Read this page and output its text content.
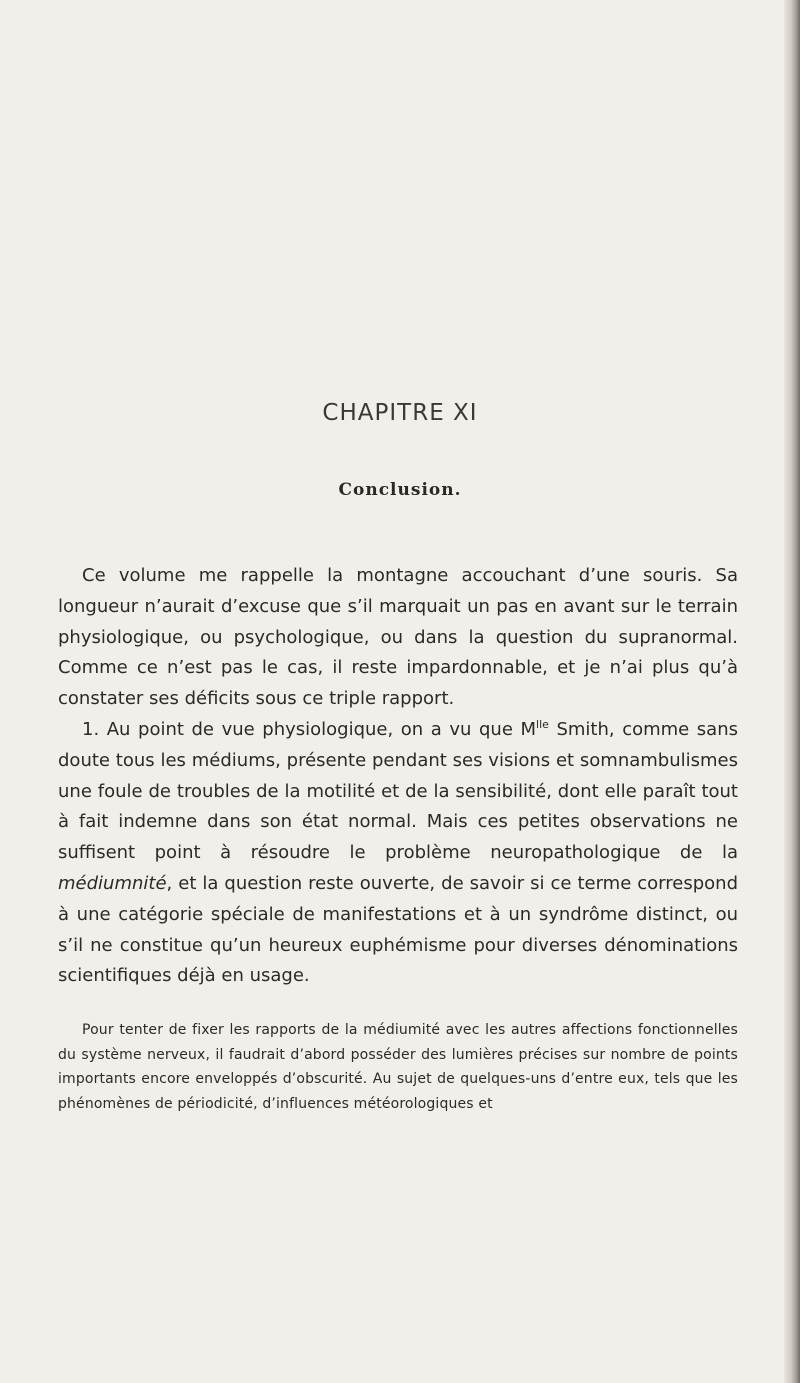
CHAPITRE XI
Conclusion.

Ce volume me rappelle la montagne accouchant d’une souris. Sa longueur n’aurait d’excuse que s’il marquait un pas en avant sur le terrain physiologique, ou psychologique, ou dans la question du supranormal. Comme ce n’est pas le cas, il reste impardonnable, et je n’ai plus qu’à constater ses déficits sous ce triple rapport.

1. Au point de vue physiologique, on a vu que $M^{lle}$ Smith, comme sans doute tous les médiums, présente pendant ses visions et somnambulismes une foule de troubles de la motilité et de la sensibilité, dont elle paraît tout à fait indemne dans son état normal. Mais ces petites observations ne suffisent point à résoudre le problème neuropathologique de la médiumnité, et la question reste ouverte, de savoir si ce terme correspond à une catégorie spéciale de manifestations et à un syndrôme distinct, ou s’il ne constitue qu’un heureux euphémisme pour diverses dénominations scientifiques déjà en usage.

Pour tenter de fixer les rapports de la médiumité avec les autres affections fonctionnelles du système nerveux, il faudrait d’abord posséder des lumières précises sur nombre de points importants encore enveloppés d’obscurité. Au sujet de quelques-uns d’entre eux, tels que les phénomènes de périodicité, d’influences météorologiques et
